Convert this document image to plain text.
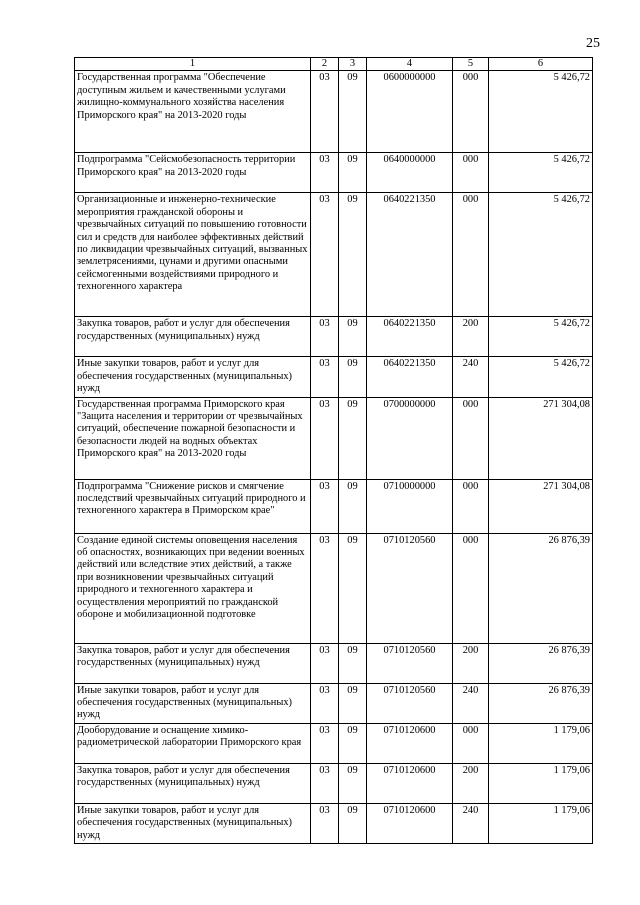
25
1	2	3	4	5	6
Государственная программа "Обеспечение доступным жильем и качественными услугами жилищно-коммунального хозяйства населения Приморского края" на 2013-2020 годы	03	09	0600000000	000	5 426,72
Подпрограмма "Сейсмобезопасность территории Приморского края" на 2013-2020 годы	03	09	0640000000	000	5 426,72
Организационные и инженерно-технические мероприятия гражданской обороны и чрезвычайных ситуаций по повышению готовности сил и средств для наиболее эффективных действий по ликвидации чрезвычайных ситуаций, вызванных землетрясениями, цунами и другими опасными сейсмогенными воздействиями природного и техногенного характера	03	09	0640221350	000	5 426,72
Закупка товаров, работ и услуг для обеспечения государственных (муниципальных) нужд	03	09	0640221350	200	5 426,72
Иные закупки товаров, работ и услуг для обеспечения государственных (муниципальных) нужд	03	09	0640221350	240	5 426,72
Государственная программа Приморского края "Защита населения и территории от чрезвычайных ситуаций, обеспечение пожарной безопасности и безопасности людей на водных объектах Приморского края" на 2013-2020 годы	03	09	0700000000	000	271 304,08
Подпрограмма "Снижение рисков и смягчение последствий чрезвычайных ситуаций природного и техногенного характера в Приморском крае"	03	09	0710000000	000	271 304,08
Создание единой системы оповещения населения об опасностях, возникающих при ведении военных действий или вследствие этих действий, а также при возникновении чрезвычайных ситуаций природного и техногенного характера и осуществления мероприятий по гражданской обороне и мобилизационной подготовке	03	09	0710120560	000	26 876,39
Закупка товаров, работ и услуг для обеспечения государственных (муниципальных) нужд	03	09	0710120560	200	26 876,39
Иные закупки товаров, работ и услуг для обеспечения государственных (муниципальных) нужд	03	09	0710120560	240	26 876,39
Дооборудование и оснащение химико-радиометрической лаборатории Приморского края	03	09	0710120600	000	1 179,06
Закупка товаров, работ и услуг для обеспечения государственных (муниципальных) нужд	03	09	0710120600	200	1 179,06
Иные закупки товаров, работ и услуг для обеспечения государственных (муниципальных) нужд	03	09	0710120600	240	1 179,06
